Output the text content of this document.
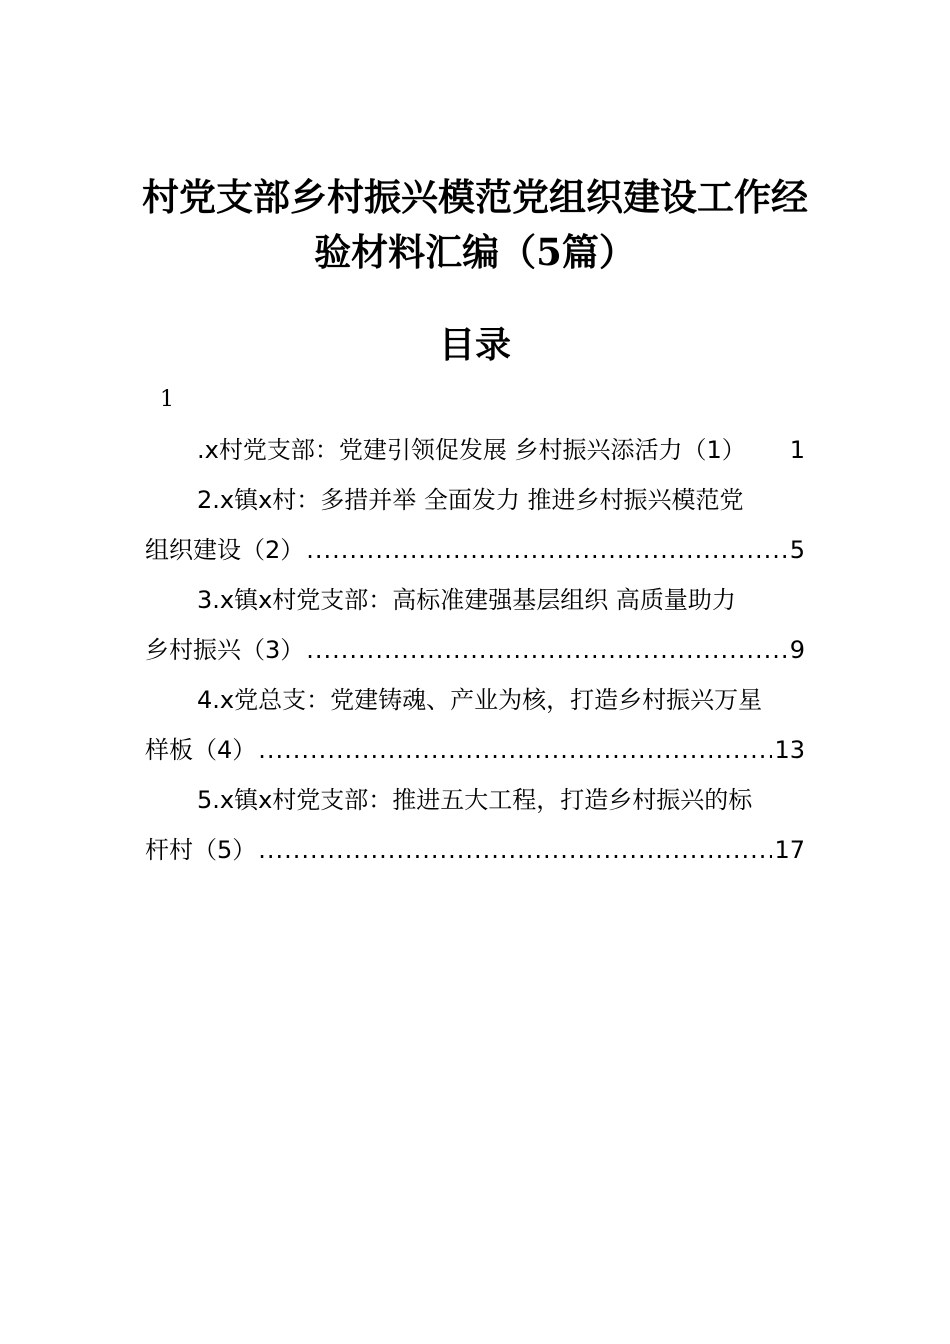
村党支部乡村振兴模范党组织建设工作经
验材料汇编（5篇）
目录
1
.x村党支部：党建引领促发展 乡村振兴添活力（1） 1
2.x镇x村：多措并举 全面发力 推进乡村振兴模范党
组织建设（2） .....	5
3.x镇x村党支部：高标准建强基层组织 高质量助力
乡村振兴（3） .....	9
4.x党总支：党建铸魂、产业为核，打造乡村振兴万星
样板（4） .....	13
5.x镇x村党支部：推进五大工程，打造乡村振兴的标
杆村（5） .....	17
